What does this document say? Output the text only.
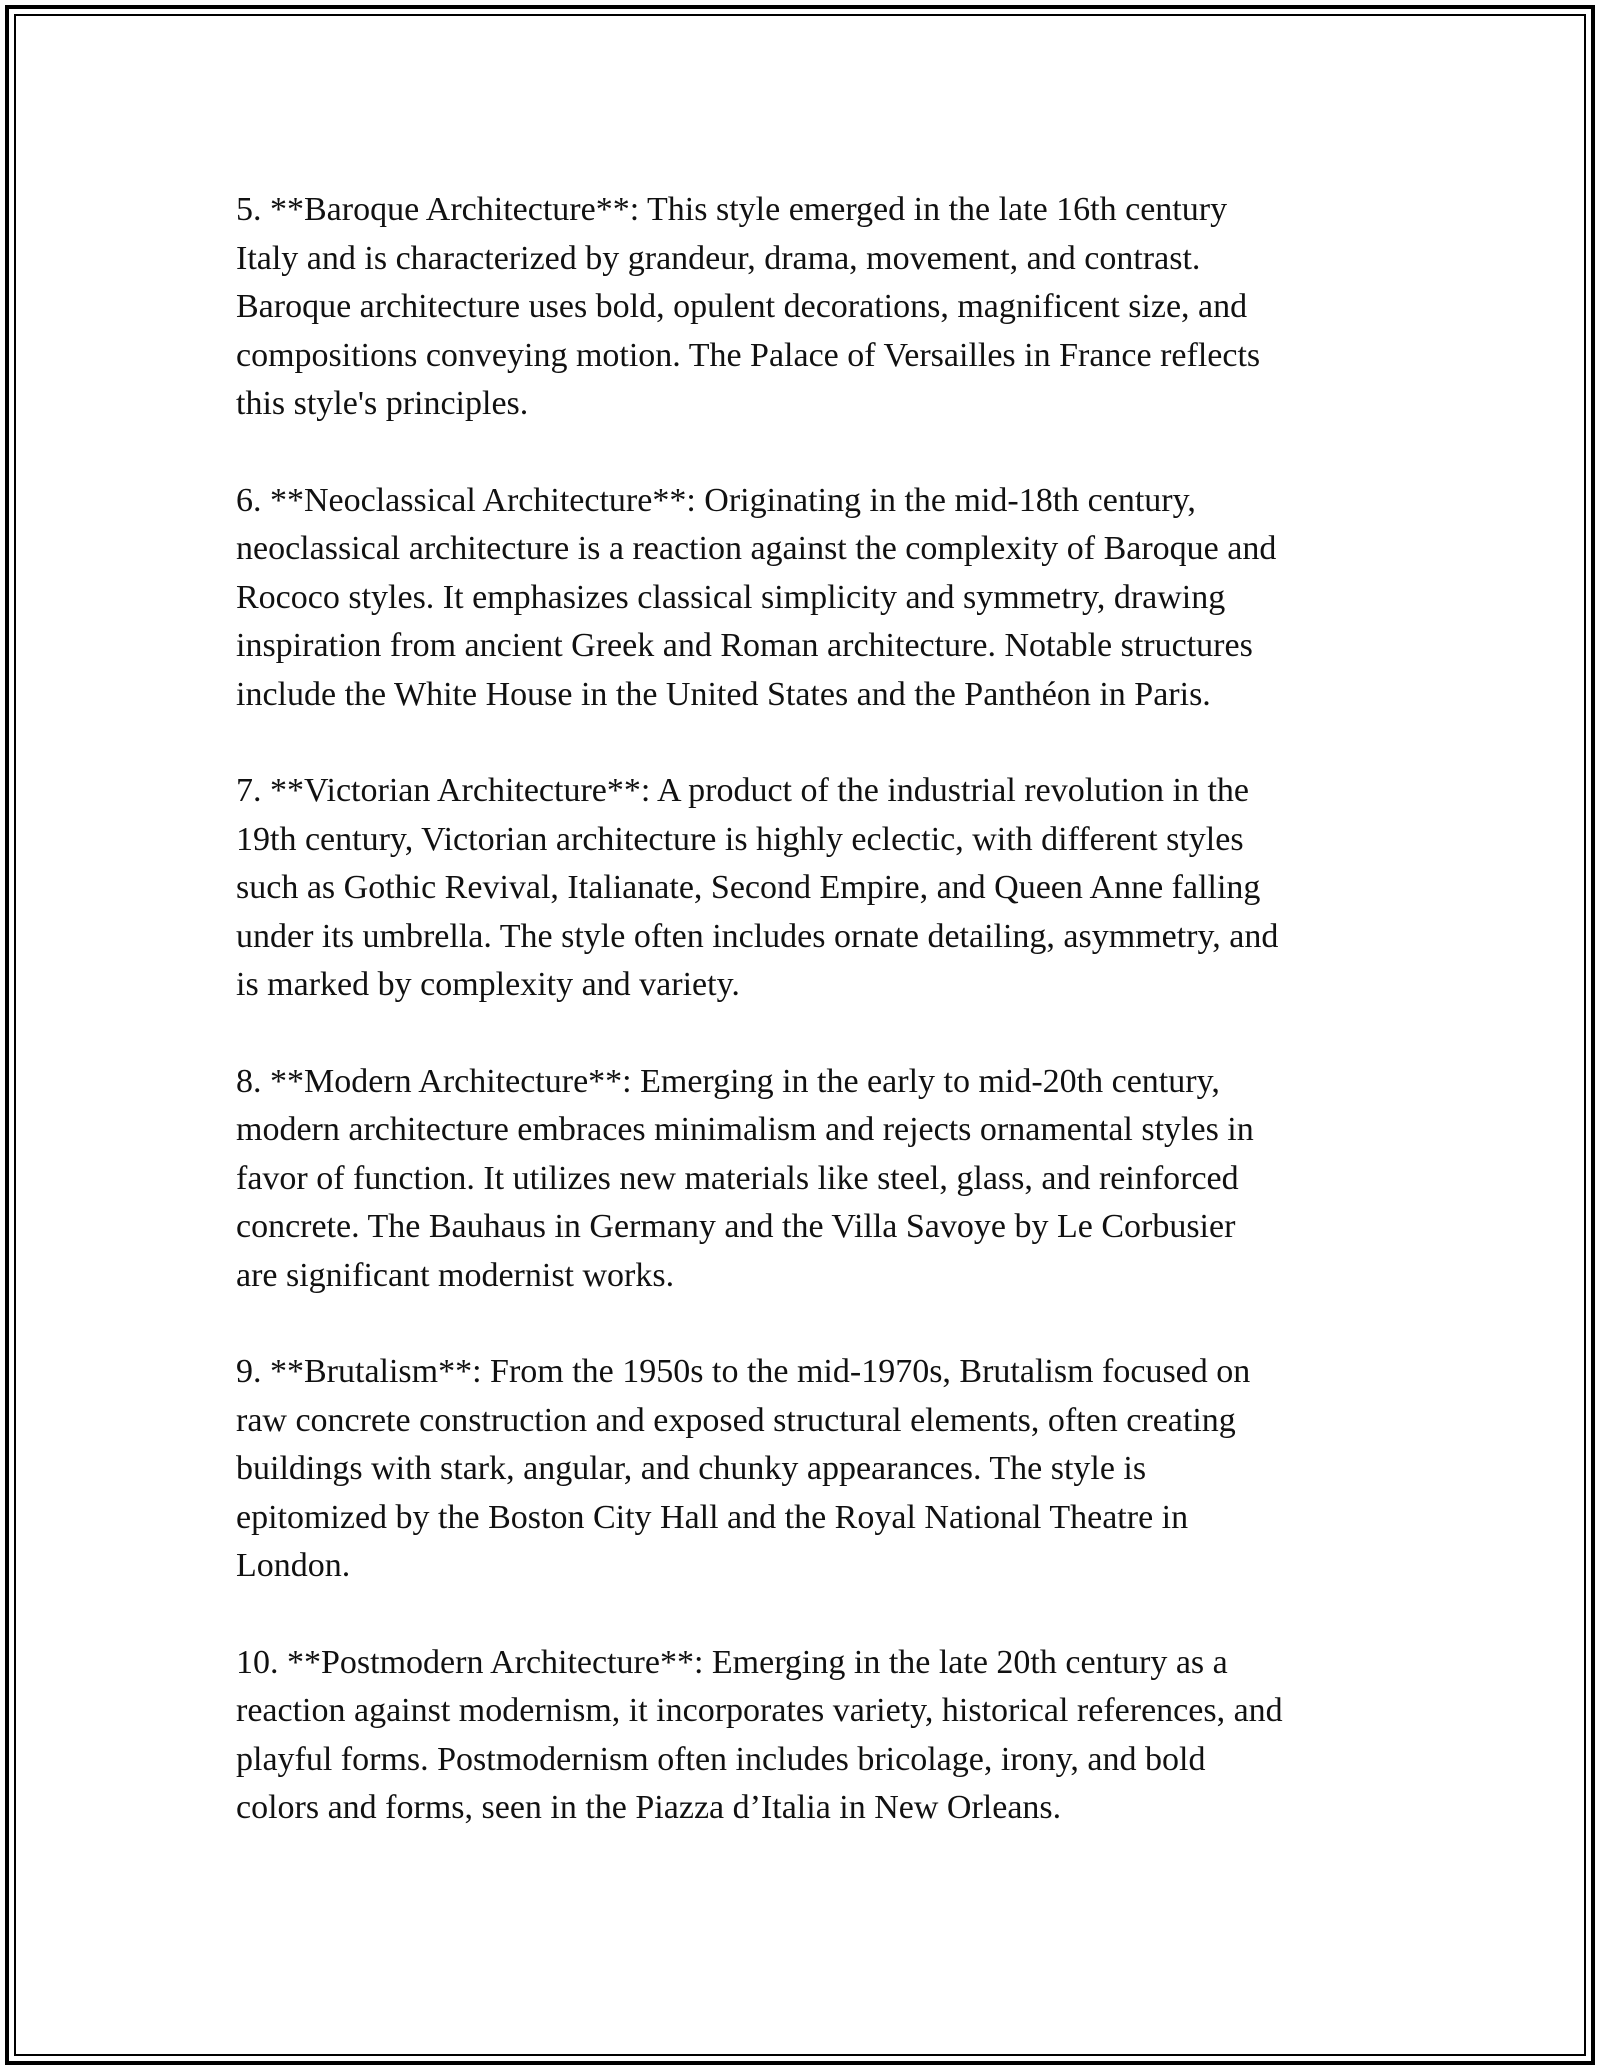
5. **Baroque Architecture**: This style emerged in the late 16th century
Italy and is characterized by grandeur, drama, movement, and contrast.
Baroque architecture uses bold, opulent decorations, magnificent size, and
compositions conveying motion. The Palace of Versailles in France reflects
this style's principles.

6. **Neoclassical Architecture**: Originating in the mid-18th century,
neoclassical architecture is a reaction against the complexity of Baroque and
Rococo styles. It emphasizes classical simplicity and symmetry, drawing
inspiration from ancient Greek and Roman architecture. Notable structures
include the White House in the United States and the Panthéon in Paris.

7. **Victorian Architecture**: A product of the industrial revolution in the
19th century, Victorian architecture is highly eclectic, with different styles
such as Gothic Revival, Italianate, Second Empire, and Queen Anne falling
under its umbrella. The style often includes ornate detailing, asymmetry, and
is marked by complexity and variety.

8. **Modern Architecture**: Emerging in the early to mid-20th century,
modern architecture embraces minimalism and rejects ornamental styles in
favor of function. It utilizes new materials like steel, glass, and reinforced
concrete. The Bauhaus in Germany and the Villa Savoye by Le Corbusier
are significant modernist works.

9. **Brutalism**: From the 1950s to the mid-1970s, Brutalism focused on
raw concrete construction and exposed structural elements, often creating
buildings with stark, angular, and chunky appearances. The style is
epitomized by the Boston City Hall and the Royal National Theatre in
London.

10. **Postmodern Architecture**: Emerging in the late 20th century as a
reaction against modernism, it incorporates variety, historical references, and
playful forms. Postmodernism often includes bricolage, irony, and bold
colors and forms, seen in the Piazza d’Italia in New Orleans.
